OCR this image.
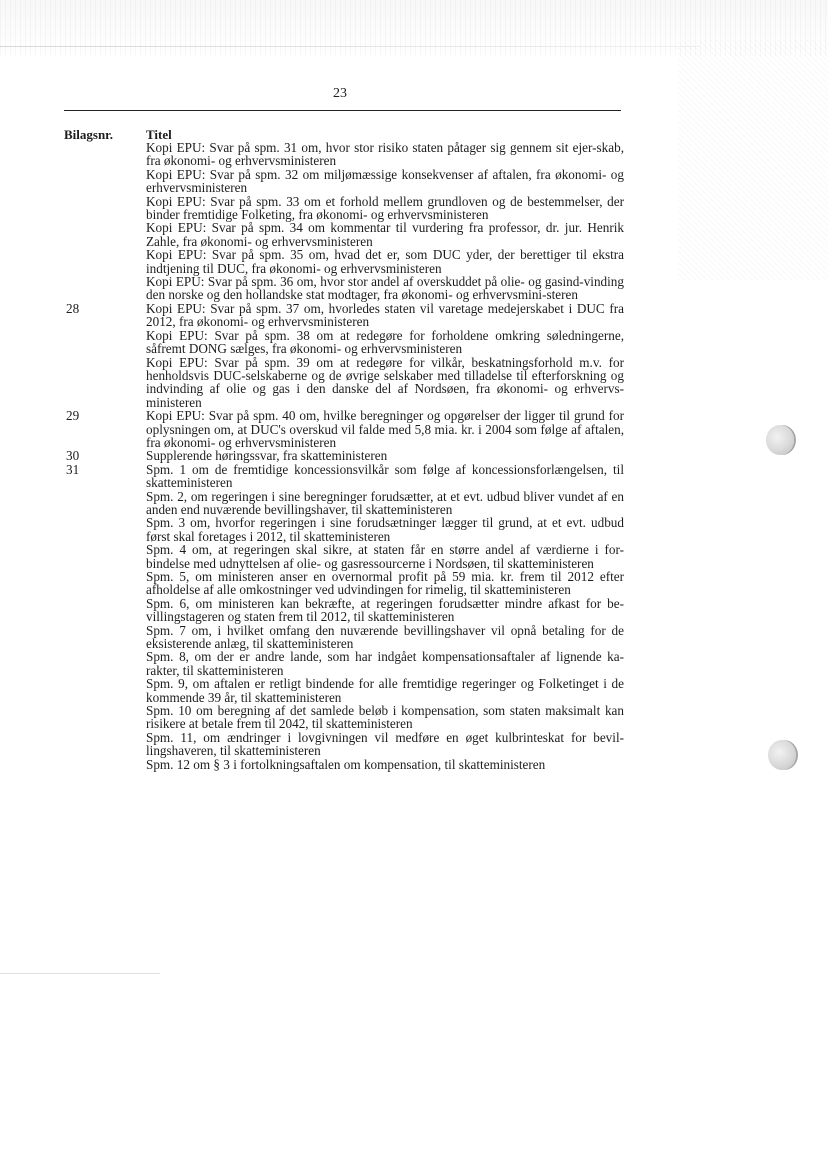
23
Bilagsnr.	Titel
Kopi EPU: Svar på spm. 31 om, hvor stor risiko staten påtager sig gennem sit ejer-skab, fra økonomi- og erhvervsministeren
Kopi EPU: Svar på spm. 32 om miljømæssige konsekvenser af aftalen, fra økonomi- og erhvervsministeren
Kopi EPU: Svar på spm. 33 om et forhold mellem grundloven og de bestemmelser, der binder fremtidige Folketing, fra økonomi- og erhvervsministeren
Kopi EPU: Svar på spm. 34 om kommentar til vurdering fra professor, dr. jur. Henrik Zahle, fra økonomi- og erhvervsministeren
Kopi EPU: Svar på spm. 35 om, hvad det er, som DUC yder, der berettiger til ekstra indtjening til DUC, fra økonomi- og erhvervsministeren
Kopi EPU: Svar på spm. 36 om, hvor stor andel af overskuddet på olie- og gasind-vinding den norske og den hollandske stat modtager, fra økonomi- og erhvervsmini-steren
28	Kopi EPU: Svar på spm. 37 om, hvorledes staten vil varetage medejerskabet i DUC fra 2012, fra økonomi- og erhvervsministeren
Kopi EPU: Svar på spm. 38 om at redegøre for forholdene omkring søledningerne, såfremt DONG sælges, fra økonomi- og erhvervsministeren
Kopi EPU: Svar på spm. 39 om at redegøre for vilkår, beskatningsforhold m.v. for henholdsvis DUC-selskaberne og de øvrige selskaber med tilladelse til efterforskning og indvinding af olie og gas i den danske del af Nordsøen, fra økonomi- og erhvervs-ministeren
29	Kopi EPU: Svar på spm. 40 om, hvilke beregninger og opgørelser der ligger til grund for oplysningen om, at DUC's overskud vil falde med 5,8 mia. kr. i 2004 som følge af aftalen, fra økonomi- og erhvervsministeren
30	Supplerende høringssvar, fra skatteministeren
31	Spm. 1 om de fremtidige koncessionsvilkår som følge af koncessionsforlængelsen, til skatteministeren
Spm. 2, om regeringen i sine beregninger forudsætter, at et evt. udbud bliver vundet af en anden end nuværende bevillingshaver, til skatteministeren
Spm. 3 om, hvorfor regeringen i sine forudsætninger lægger til grund, at et evt. udbud først skal foretages i 2012, til skatteministeren
Spm. 4 om, at regeringen skal sikre, at staten får en større andel af værdierne i for-bindelse med udnyttelsen af olie- og gasressourcerne i Nordsøen, til skatteministeren
Spm. 5, om ministeren anser en overnormal profit på 59 mia. kr. frem til 2012 efter afholdelse af alle omkostninger ved udvindingen for rimelig, til skatteministeren
Spm. 6, om ministeren kan bekræfte, at regeringen forudsætter mindre afkast for be-villingstageren og staten frem til 2012, til skatteministeren
Spm. 7 om, i hvilket omfang den nuværende bevillingshaver vil opnå betaling for de eksisterende anlæg, til skatteministeren
Spm. 8, om der er andre lande, som har indgået kompensationsaftaler af lignende ka-rakter, til skatteministeren
Spm. 9, om aftalen er retligt bindende for alle fremtidige regeringer og Folketinget i de kommende 39 år, til skatteministeren
Spm. 10 om beregning af det samlede beløb i kompensation, som staten maksimalt kan risikere at betale frem til 2042, til skatteministeren
Spm. 11, om ændringer i lovgivningen vil medføre en øget kulbrinteskat for bevil-lingshaveren, til skatteministeren
Spm. 12 om § 3 i fortolkningsaftalen om kompensation, til skatteministeren
